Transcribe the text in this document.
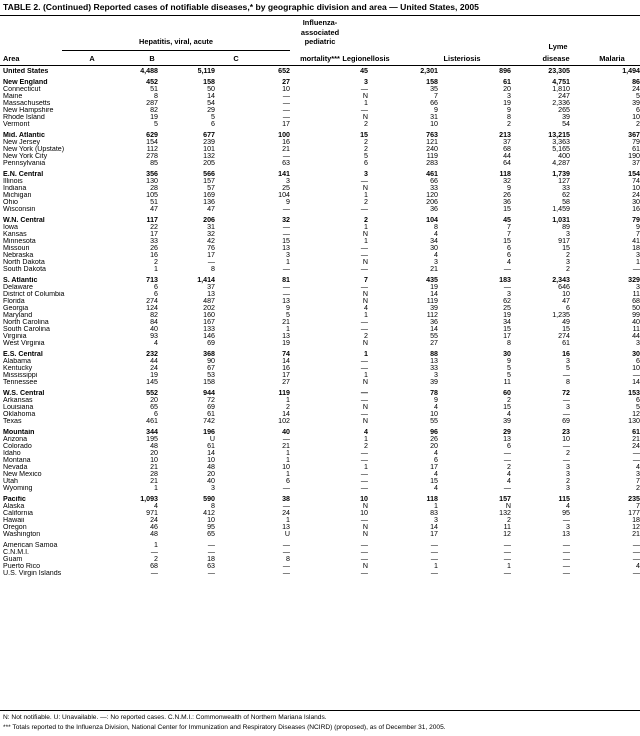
TABLE 2. (Continued) Reported cases of notifiable diseases,* by geographic division and area — United States, 2005
Influenza-
associated
pediatric
Hepatitis, viral, acute
Lyme
Area	A	B	C	mortality*** Legionellosis	Listeriosis	disease	Malaria
United States	4,488	5,119	652	45	2,301	896	23,305	1,494

New England	452	158	27	3	158	61	4,751	86
Connecticut	51	50	10	—	35	20	1,810	24
Maine	8	14	—	N	7	3	247	5
Massachusetts	287	54	—	1	66	19	2,336	39
New Hampshire	82	29	—	—	9	9	265	6
Rhode Island	19	5	—	N	31	8	39	10
Vermont	5	6	17	2	10	2	54	2

Mid. Atlantic	629	677	100	15	763	213	13,215	367
New Jersey	154	239	16	2	121	37	3,363	79
New York (Upstate)	112	101	21	2	240	68	5,165	61
New York City	278	132	—	5	119	44	400	190
Pennsylvania	85	205	63	6	283	64	4,287	37

E.N. Central	356	566	141	3	461	118	1,739	154
Illinois	130	157	3	—	66	32	127	74
Indiana	28	57	25	N	33	9	33	10
Michigan	105	169	104	1	120	26	62	24
Ohio	51	136	9	2	206	36	58	30
Wisconsin	47	47	—	—	36	15	1,459	16

W.N. Central	117	206	32	2	104	45	1,031	79
Iowa	22	31	—	1	8	7	89	9
Kansas	17	32	—	N	4	7	3	7
Minnesota	33	42	15	1	34	15	917	41
Missouri	26	76	13	—	30	6	15	18
Nebraska	16	17	3	—	4	6	2	3
North Dakota	2	—	1	N	3	4	3	1
South Dakota	1	8	—	—	21	—	2	—

S. Atlantic	713	1,414	81	7	435	183	2,343	329
Delaware	6	37	—	—	19	—	646	3
District of Columbia	6	13	—	N	14	3	10	11
Florida	274	487	13	N	119	62	47	68
Georgia	124	202	9	4	39	25	6	50
Maryland	82	160	5	1	112	19	1,235	99
North Carolina	84	167	21	—	36	34	49	40
South Carolina	40	133	1	—	14	15	15	11
Virginia	93	146	13	2	55	17	274	44
West Virginia	4	69	19	N	27	8	61	3

E.S. Central	232	368	74	1	88	30	16	30
Alabama	44	90	14	—	13	9	3	6
Kentucky	24	67	16	—	33	5	5	10
Mississippi	19	53	17	1	3	5	—	—
Tennessee	145	158	27	N	39	11	8	14

W.S. Central	552	944	119	—	78	60	72	153
Arkansas	20	72	1	—	9	2	—	6
Louisiana	65	69	2	N	4	15	3	5
Oklahoma	6	61	14	—	10	4	—	12
Texas	461	742	102	N	55	39	69	130

Mountain	344	196	40	4	96	29	23	61
Arizona	195	U	—	1	26	13	10	21
Colorado	48	61	21	2	20	6	—	24
Idaho	20	14	1	—	4	—	2	—
Montana	10	10	1	—	6	—	—	—
Nevada	21	48	10	1	17	2	3	4
New Mexico	28	20	1	—	4	4	3	3
Utah	21	40	6	—	15	4	2	7
Wyoming	1	3	—	—	4	—	3	2

Pacific	1,093	590	38	10	118	157	115	235
Alaska	4	8	—	N	1	N	4	7
California	971	412	24	10	83	132	95	177
Hawaii	24	10	1	—	3	2	—	18
Oregon	46	95	13	N	14	11	3	12
Washington	48	65	U	N	17	12	13	21

American Samoa	1	—	—	—	—	—	—	—
C.N.M.I.	—	—	—	—	—	—	—	—
Guam	2	18	8	—	—	—	—	—
Puerto Rico	68	63	—	N	1	1	—	4
U.S. Virgin Islands	—	—	—	—	—	—	—	—
N: Not notifiable. U: Unavailable. —: No reported cases. C.N.M.I.: Commonwealth of Northern Mariana Islands.
*** Totals reported to the Influenza Division, National Center for Immunization and Respiratory Diseases (NCIRD) (proposed), as of December 31, 2005.
